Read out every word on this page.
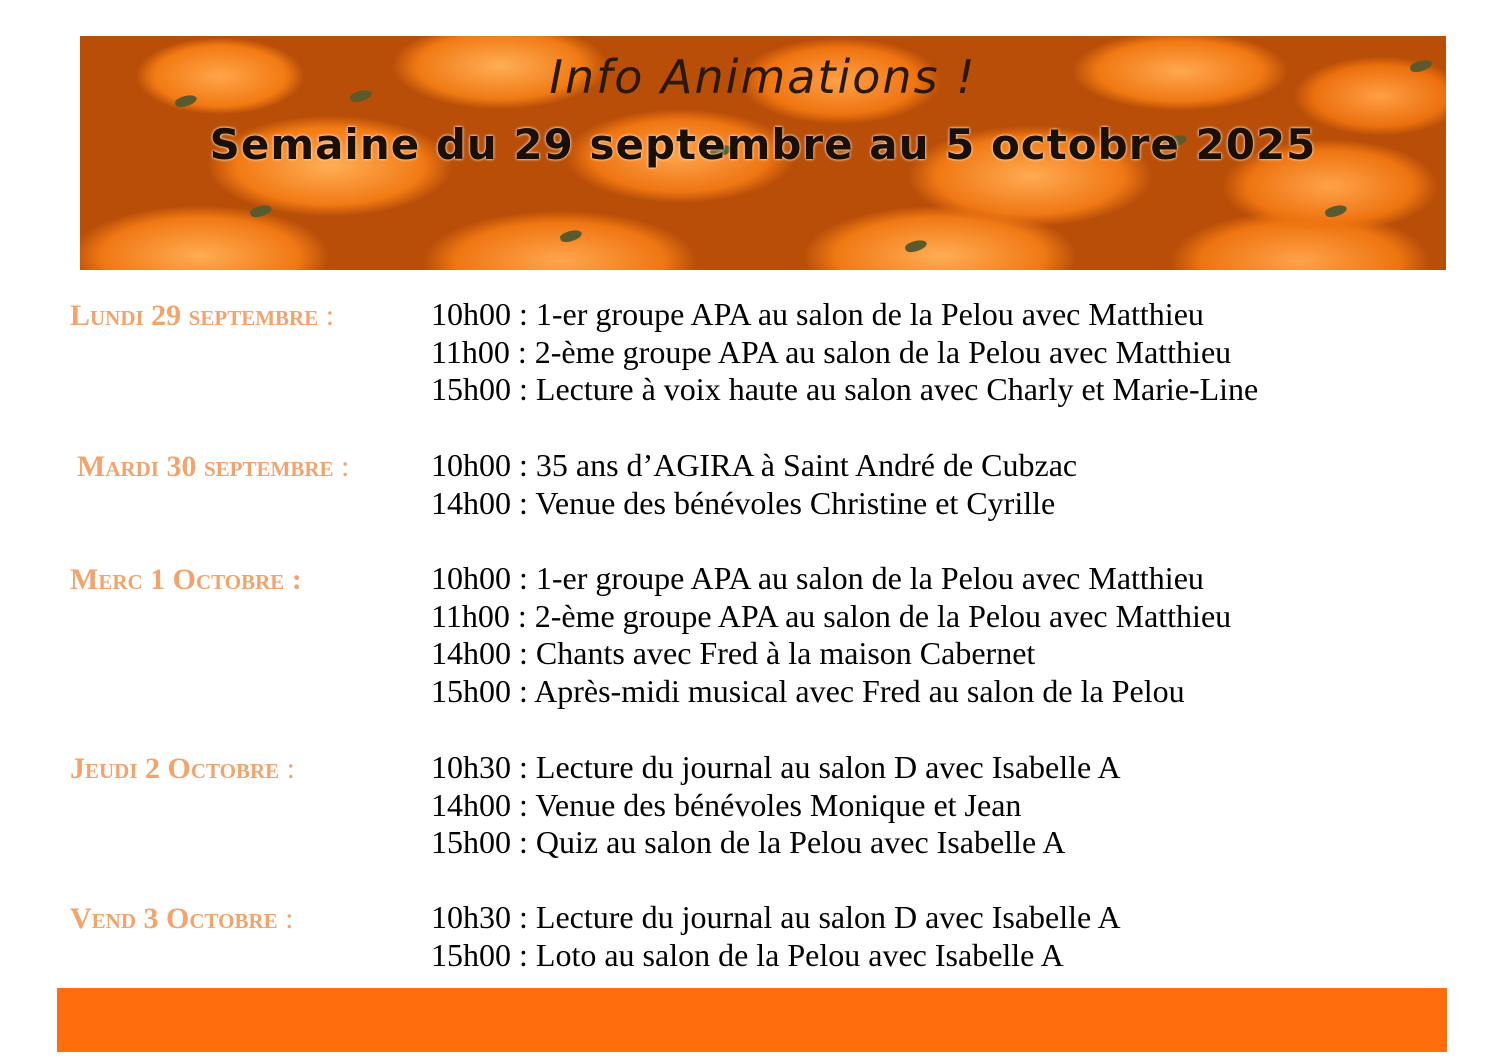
Info Animations !
Semaine du 29 septembre au 5 octobre 2025
Lundi 29 septembre :	10h00 : 1-er groupe APA au salon de la Pelou avec Matthieu
11h00 : 2-ème groupe APA au salon de la Pelou avec Matthieu
15h00 : Lecture à voix haute au salon avec Charly et Marie-Line
Mardi 30 septembre :	10h00 : 35 ans d’AGIRA à Saint André de Cubzac
14h00 : Venue des bénévoles Christine et Cyrille
Merc 1 Octobre :	10h00 : 1-er groupe APA au salon de la Pelou avec Matthieu
11h00 : 2-ème groupe APA au salon de la Pelou avec Matthieu
14h00 : Chants avec Fred à la maison Cabernet
15h00 : Après-midi musical avec Fred au salon de la Pelou
Jeudi 2 Octobre :	10h30 : Lecture du journal au salon D avec Isabelle A
14h00 : Venue des bénévoles Monique et Jean
15h00 : Quiz au salon de la Pelou avec Isabelle A
Vend 3 Octobre :	10h30 : Lecture du journal au salon D avec Isabelle A
15h00 : Loto au salon de la Pelou avec Isabelle A
